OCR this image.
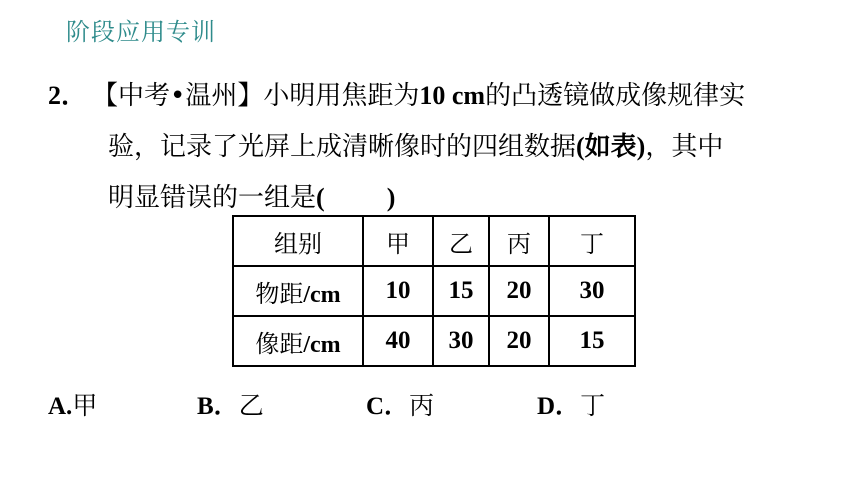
阶段应用专训
2． 【中考•温州】小明用焦距为10 cm的凸透镜做成像规律实
验，记录了光屏上成清晰像时的四组数据(如表)，其中
明显错误的一组是( )
组别	甲	乙	丙	丁
物距/cm	10	15	20	30
像距/cm	40	30	20	15
A.甲	B．乙	C．丙	D．丁
